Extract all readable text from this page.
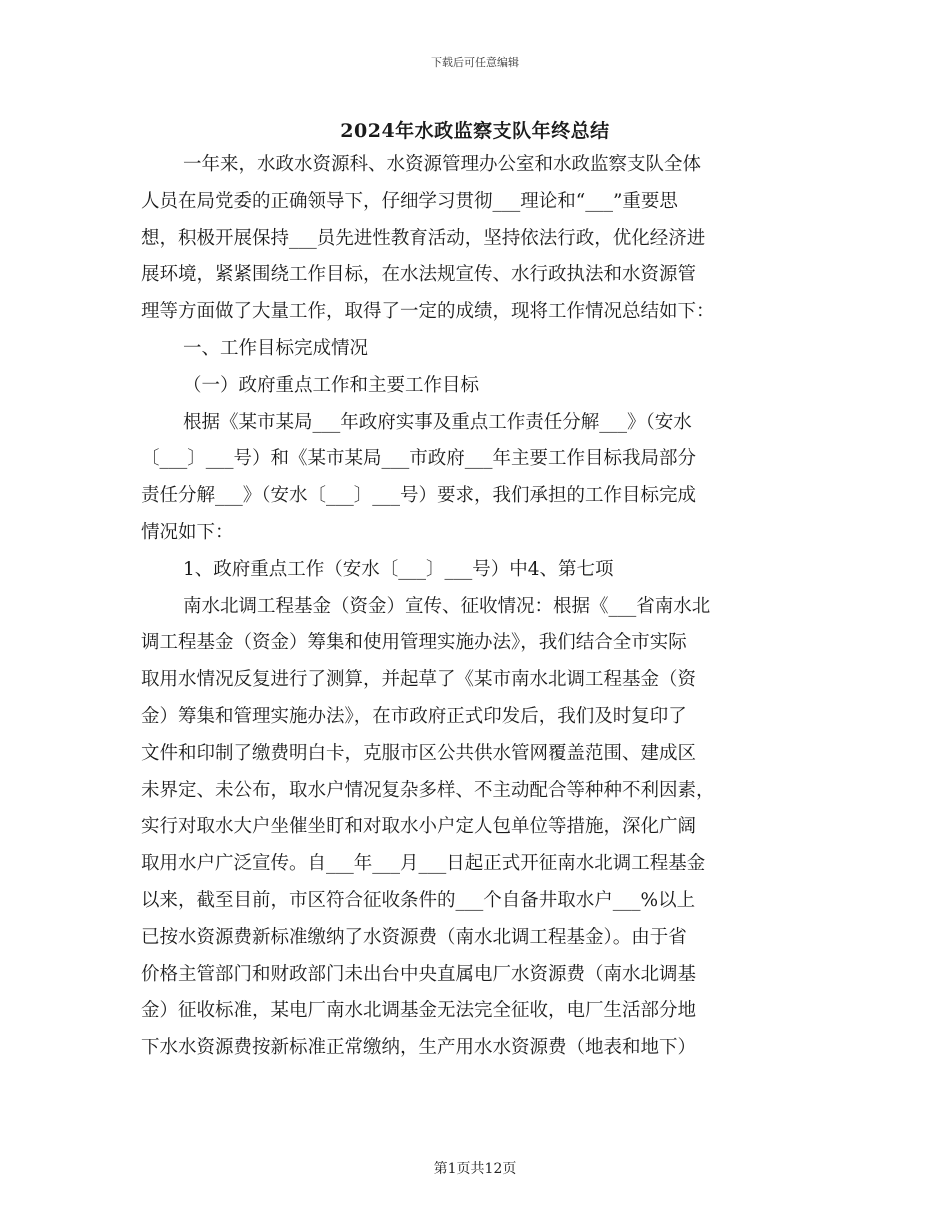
下载后可任意编辑
2024年水政监察支队年终总结
一年来，水政水资源科、水资源管理办公室和水政监察支队全体
人员在局党委的正确领导下，仔细学习贯彻___理论和“___”重要思
想，积极开展保持___员先进性教育活动，坚持依法行政，优化经济进
展环境，紧紧围绕工作目标，在水法规宣传、水行政执法和水资源管
理等方面做了大量工作，取得了一定的成绩，现将工作情况总结如下：
一、工作目标完成情况
（一）政府重点工作和主要工作目标
根据《某市某局___年政府实事及重点工作责任分解___》（安水
〔___〕___号）和《某市某局___市政府___年主要工作目标我局部分
责任分解___》（安水〔___〕___号）要求，我们承担的工作目标完成
情况如下：
1、政府重点工作（安水〔___〕___号）中4、第七项
南水北调工程基金（资金）宣传、征收情况：根据《___省南水北
调工程基金（资金）筹集和使用管理实施办法》，我们结合全市实际
取用水情况反复进行了测算，并起草了《某市南水北调工程基金（资
金）筹集和管理实施办法》，在市政府正式印发后，我们及时复印了
文件和印制了缴费明白卡，克服市区公共供水管网覆盖范围、建成区
未界定、未公布，取水户情况复杂多样、不主动配合等种种不利因素，
实行对取水大户坐催坐盯和对取水小户定人包单位等措施，深化广阔
取用水户广泛宣传。自___年___月___日起正式开征南水北调工程基金
以来，截至目前，市区符合征收条件的___个自备井取水户___%以上
已按水资源费新标准缴纳了水资源费（南水北调工程基金）。由于省
价格主管部门和财政部门未出台中央直属电厂水资源费（南水北调基
金）征收标准，某电厂南水北调基金无法完全征收，电厂生活部分地
下水水资源费按新标准正常缴纳，生产用水水资源费（地表和地下）
第1页共12页
